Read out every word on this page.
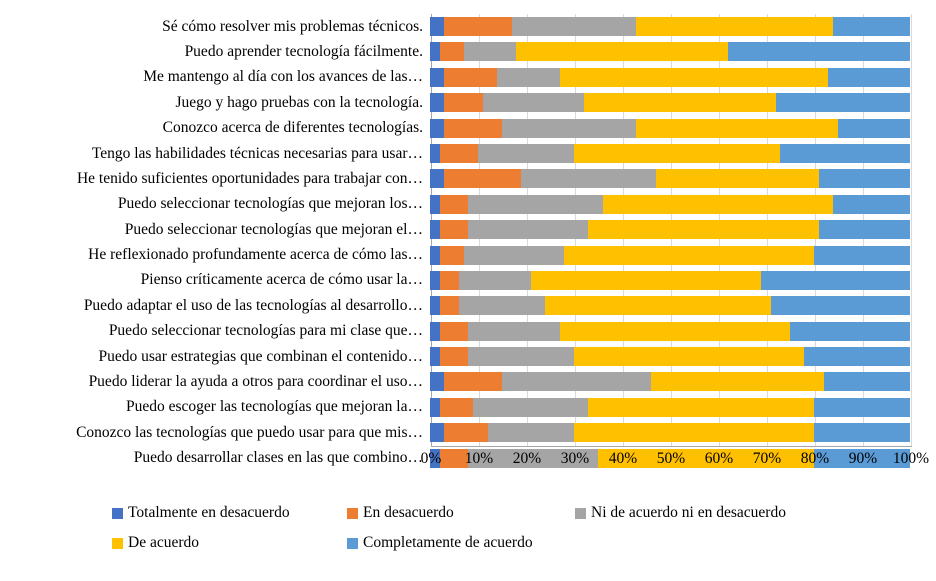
Sé cómo resolver mis problemas técnicos.
Puedo aprender tecnología fácilmente.
Me mantengo al día con los avances de las…
Juego y hago pruebas con la tecnología.
Conozco acerca de diferentes tecnologías.
Tengo las habilidades técnicas necesarias para usar…
He tenido suficientes oportunidades para trabajar con…
Puedo seleccionar tecnologías que mejoran los…
Puedo seleccionar tecnologías que mejoran el…
He reflexionado profundamente acerca de cómo las…
Pienso críticamente acerca de cómo usar la…
Puedo adaptar el uso de las tecnologías al desarrollo…
Puedo seleccionar tecnologías para mi clase que…
Puedo usar estrategias que combinan el contenido…
Puedo liderar la ayuda a otros para coordinar el uso…
Puedo escoger las tecnologías que mejoran la…
Conozco las tecnologías que puedo usar para que mis…
Puedo desarrollar clases en las que combino…
0% 10% 20% 30% 40% 50% 60% 70% 80% 90% 100%
Totalmente en desacuerdo	En desacuerdo	Ni de acuerdo ni en desacuerdo
De acuerdo	Completamente de acuerdo
